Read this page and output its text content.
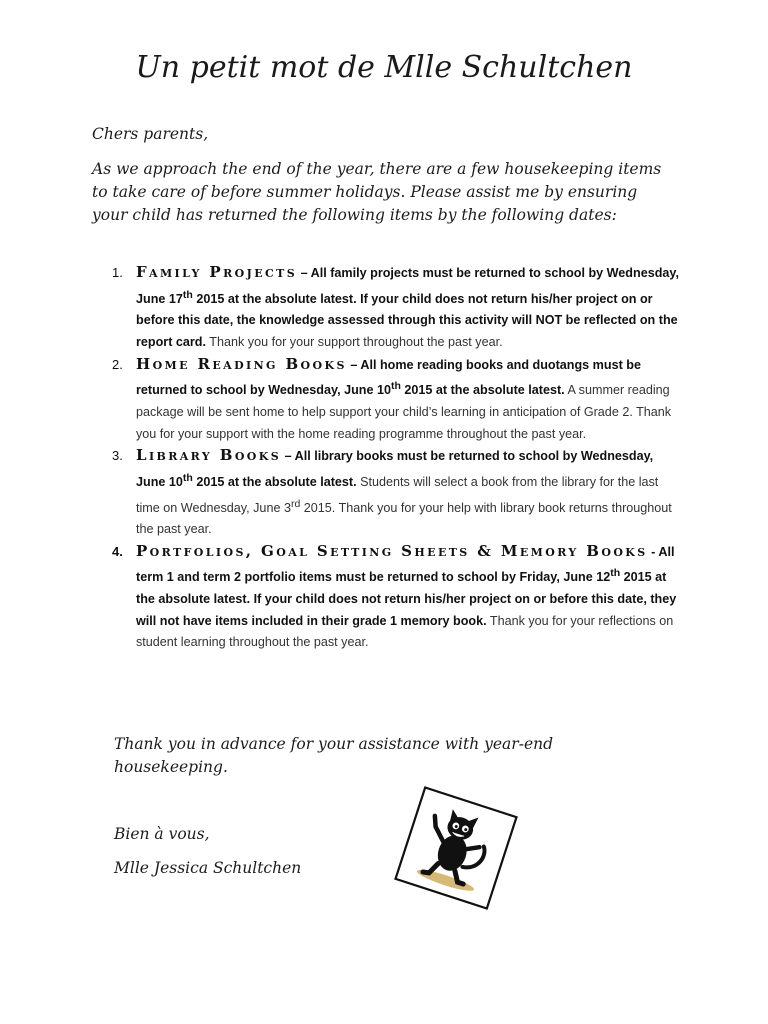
Un petit mot de Mlle Schultchen

Chers parents,

As we approach the end of the year, there are a few housekeeping items to take care of before summer holidays. Please assist me by ensuring your child has returned the following items by the following dates:

1. Family Projects – All family projects must be returned to school by Wednesday, June 17th 2015 at the absolute latest. If your child does not return his/her project on or before this date, the knowledge assessed through this activity will NOT be reflected on the report card. Thank you for your support throughout the past year.
2. Home Reading Books – All home reading books and duotangs must be returned to school by Wednesday, June 10th 2015 at the absolute latest. A summer reading package will be sent home to help support your child’s learning in anticipation of Grade 2. Thank you for your support with the home reading programme throughout the past year.
3. Library Books – All library books must be returned to school by Wednesday, June 10th 2015 at the absolute latest. Students will select a book from the library for the last time on Wednesday, June 3rd 2015. Thank you for your help with library book returns throughout the past year.
4. Portfolios, Goal Setting Sheets & Memory Books - All term 1 and term 2 portfolio items must be returned to school by Friday, June 12th 2015 at the absolute latest. If your child does not return his/her project on or before this date, they will not have items included in their grade 1 memory book. Thank you for your reflections on student learning throughout the past year.

Thank you in advance for your assistance with year-end housekeeping.

Bien à vous,

Mlle Jessica Schultchen
